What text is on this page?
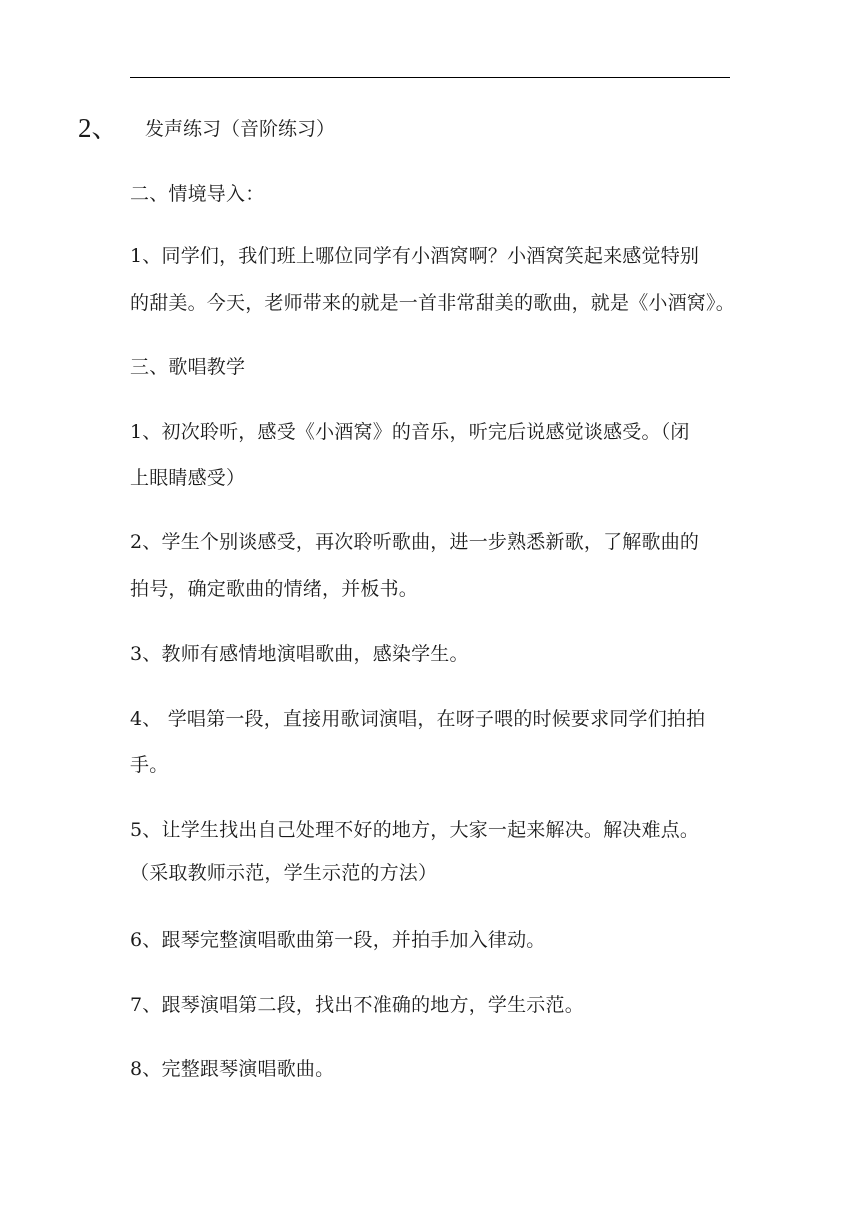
2、 发声练习（音阶练习）
二、情境导入：
1、同学们，我们班上哪位同学有小酒窝啊？小酒窝笑起来感觉特别
的甜美。今天，老师带来的就是一首非常甜美的歌曲，就是《小酒窝》。
三、歌唱教学
1、初次聆听，感受《小酒窝》的音乐，听完后说感觉谈感受。（闭
上眼睛感受）
2、学生个别谈感受，再次聆听歌曲，进一步熟悉新歌，了解歌曲的
拍号，确定歌曲的情绪，并板书。
3、教师有感情地演唱歌曲，感染学生。
4、 学唱第一段，直接用歌词演唱，在呀子喂的时候要求同学们拍拍
手。
5、让学生找出自己处理不好的地方，大家一起来解决。解决难点。
（采取教师示范，学生示范的方法）
6、跟琴完整演唱歌曲第一段，并拍手加入律动。
7、跟琴演唱第二段，找出不准确的地方，学生示范。
8、完整跟琴演唱歌曲。
